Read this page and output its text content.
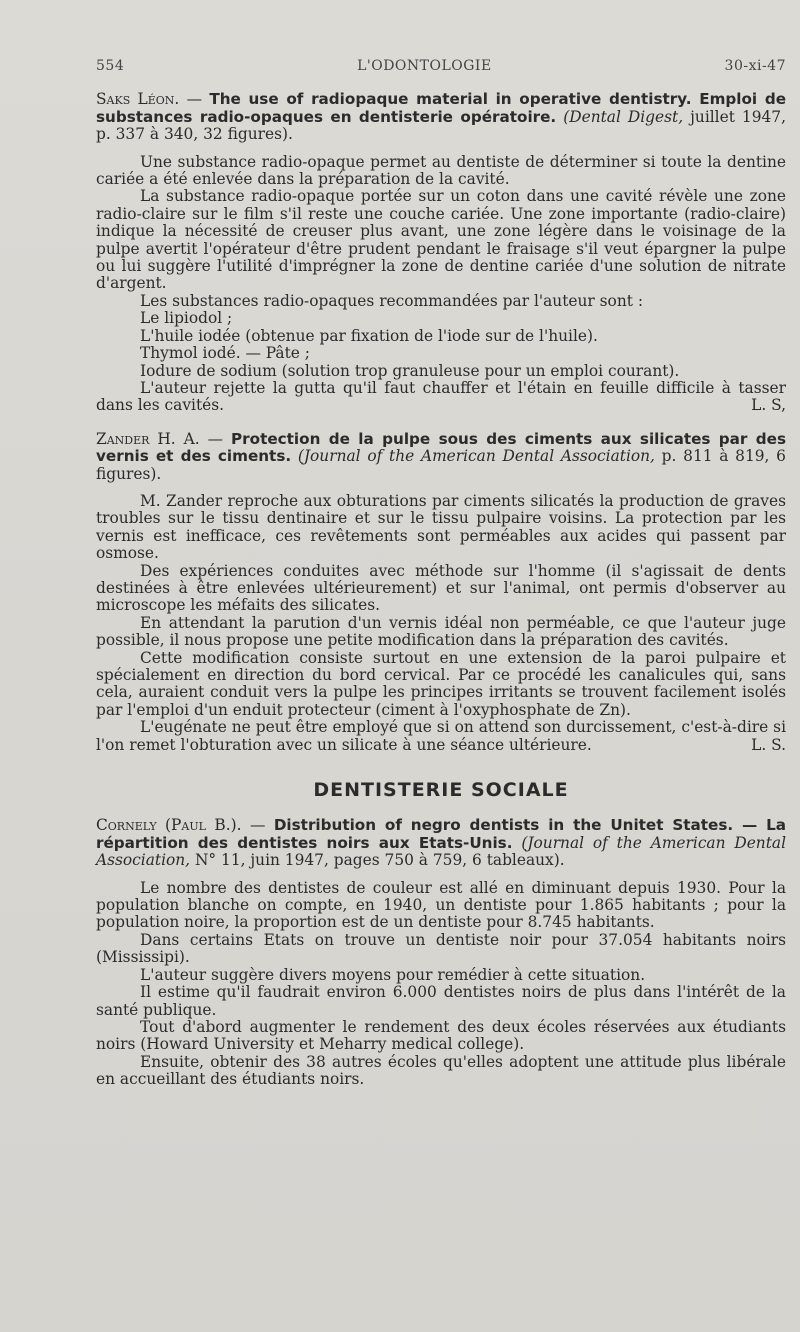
554	L'ODONTOLOGIE	30-xi-47
Saks Léon. — The use of radiopaque material in operative dentistry. Emploi de substances radio-opaques en dentisterie opératoire. (Dental Digest, juillet 1947, p. 337 à 340, 32 figures).

Une substance radio-opaque permet au dentiste de déterminer si toute la dentine cariée a été enlevée dans la préparation de la cavité.

La substance radio-opaque portée sur un coton dans une cavité révèle une zone radio-claire sur le film s'il reste une couche cariée. Une zone importante (radio-claire) indique la nécessité de creuser plus avant, une zone légère dans le voisinage de la pulpe avertit l'opérateur d'être prudent pendant le fraisage s'il veut épargner la pulpe ou lui suggère l'utilité d'imprégner la zone de dentine cariée d'une solution de nitrate d'argent.

Les substances radio-opaques recommandées par l'auteur sont :

Le lipiodol ;

L'huile iodée (obtenue par fixation de l'iode sur de l'huile).

Thymol iodé. — Pâte ;

Iodure de sodium (solution trop granuleuse pour un emploi courant).

L'auteur rejette la gutta qu'il faut chauffer et l'étain en feuille difficile à tasser dans les cavités.	L. S,

Zander H. A. — Protection de la pulpe sous des ciments aux silicates par des vernis et des ciments. (Journal of the American Dental Association, p. 811 à 819, 6 figures).

M. Zander reproche aux obturations par ciments silicatés la production de graves troubles sur le tissu dentinaire et sur le tissu pulpaire voisins. La protection par les vernis est inefficace, ces revêtements sont perméables aux acides qui passent par osmose.

Des expériences conduites avec méthode sur l'homme (il s'agissait de dents destinées à être enlevées ultérieurement) et sur l'animal, ont permis d'observer au microscope les méfaits des silicates.

En attendant la parution d'un vernis idéal non perméable, ce que l'auteur juge possible, il nous propose une petite modification dans la préparation des cavités.

Cette modification consiste surtout en une extension de la paroi pulpaire et spécialement en direction du bord cervical. Par ce procédé les canalicules qui, sans cela, auraient conduit vers la pulpe les principes irritants se trouvent facilement isolés par l'emploi d'un enduit protecteur (ciment à l'oxyphosphate de Zn).

L'eugénate ne peut être employé que si on attend son durcissement, c'est-à-dire si l'on remet l'obturation avec un silicate à une séance ultérieure.	L. S.

DENTISTERIE SOCIALE
Cornely (Paul B.). — Distribution of negro dentists in the Unitet States. — La répartition des dentistes noirs aux Etats-Unis. (Journal of the American Dental Association, N° 11, juin 1947, pages 750 à 759, 6 tableaux).

Le nombre des dentistes de couleur est allé en diminuant depuis 1930. Pour la population blanche on compte, en 1940, un dentiste pour 1.865 habitants ; pour la population noire, la proportion est de un dentiste pour 8.745 habitants.

Dans certains Etats on trouve un dentiste noir pour 37.054 habitants noirs (Mississipi).

L'auteur suggère divers moyens pour remédier à cette situation.

Il estime qu'il faudrait environ 6.000 dentistes noirs de plus dans l'intérêt de la santé publique.

Tout d'abord augmenter le rendement des deux écoles réservées aux étudiants noirs (Howard University et Meharry medical college).

Ensuite, obtenir des 38 autres écoles qu'elles adoptent une attitude plus libérale en accueillant des étudiants noirs.
